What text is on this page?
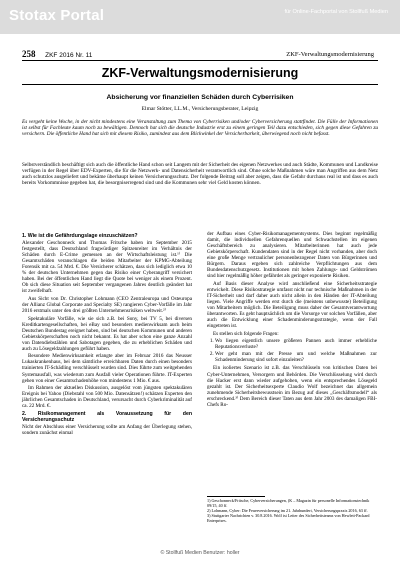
Stotax Portal	für Online-Fachportal von Stollfuß Medien
258 ZKF 2016 Nr. 11	ZKF-Verwaltungsmodernisierung
ZKF-Verwaltungsmodernisierung
Absicherung vor finanziellen Schäden durch Cyberrisiken
Elmar Stötter, LL.M., Versicherungsberater, Leipzig

Es vergeht keine Woche, in der nicht mindestens eine Veranstaltung zum Thema von Cyberrisiken und/oder Cyberversicherung stattfindet. Die Fülle der Informationen ist selbst für Fachleute kaum noch zu bewältigen. Dennoch hat sich die deutsche Industrie erst zu einem geringen Teil dazu entschieden, sich gegen diese Gefahren zu versichern. Die öffentliche Hand hat sich mit diesem Risiko, zumindest aus dem Blickwinkel der Versicherbarkeit, überwiegend noch nicht befasst.

Selbstverständlich beschäftigt sich auch die öffentliche Hand schon seit Langem mit der Sicherheit des eigenen Netzwerkes und auch Städte, Kommunen und Landkreise verfügen in der Regel über EDV-Experten, die für die Netzwerk- und Datensicherheit verantwortlich sind. Ohne solche Maßnahmen wäre man Angriffen aus dem Netz auch schutzlos ausgeliefert und bekäme überhaupt keinen Versicherungsschutz. Der folgende Beitrag soll aber zeigen, dass die Gefahr durchaus real ist und dass es auch bereits Vorkommnisse gegeben hat, die besorgniserregend sind und die Kommunen sehr viel Geld kosten können.

1. Wie ist die Gefährdungslage einzuschätzen?

Alexander Geschonneck und Thomas Fritsche haben im September 2015 festgestellt, dass Deutschland fragwürdiger Spitzenreiter im Verhältnis der Schäden durch E-Crime gemessen an der Wirtschaftsleistung ist.¹⁾ Die Gesamtschäden veranschlagen die beiden Mitarbeiter der KPMG-Abteilung Forensik mit ca. 54 Mrd. €. Die Versicherer schätzen, dass sich lediglich etwa 10 % der deutschen Unternehmen gegen das Risiko einer Cyberangriff versichert haben. Bei der öffentlichen Hand liegt die Quote bei weniger als einem Prozent. Ob sich diese Situation seit September vergangenen Jahres deutlich geändert hat ist zweifelhaft.

Aus Sicht von Dr. Christopher Lohmann (CEO Zentraleuropa und Osteuropa der Allianz Global Corporate and Specialty SE) rangieren Cyber-Vorfälle im Jahr 2016 erstmals unter den drei größten Unternehmensrisiken weltweit.²⁾

Spektakuläre Vorfälle, wie sie sich z.B. bei Sony, bei TV 5, bei diversen Kreditkartengesellschaften, bei eBay und besonders medienwirksam auch beim Deutschen Bundestag ereignet haben, sind bei deutschen Kommunen und anderen Gebietskörperschaften noch nicht bekannt. Es hat aber schon eine ganze Anzahl von Datendiebstählen und Sabotagen gegeben, die zu erheblichen Schäden und auch zu Lösegeldzahlungen geführt haben.

Besondere Medienwirksamkeit erlangte aber im Februar 2016 das Neusser Lukaskrankenhaus, bei dem sämtliche erreichbaren Daten durch einen besonders trainierten IT-Schädling verschlüsselt wurden sind. Dies führte zum weitgehenden Systemausfall, was wiederum zum Ausfall vieler Operationen führte. IT-Experten gehen von einer Gesamtschadenhöhe von mindestens 1 Mio. € aus.

Im Rahmen der aktuellen Diskussion, ausgelöst vom jüngsten spektakulären Ereignis bei Yahoo (Diebstahl von 500 Mio. Datensätzen!) schätzen Experten den jährlichen Gesamtschaden in Deutschland, verursacht durch Cyberkriminalität auf ca. 22 Mrd. €.

2. Risikomanagement als Voraussetzung für den Versicherungsschutz

Nicht der Abschluss einer Versicherung sollte am Anfang der Überlegung stehen, sondern zunächst einmal

der Aufbau eines Cyber-Risikomanagementsystems. Dies beginnt regelmäßig damit, die individuellen Gefahrenquellen und Schwachstellen im eigenen Geschäftsbereich zu analysieren. Mitarbeiterinnen hat auch jede Gebietskörperschaft. Kundendaten sind in der Regel nicht vorhanden, aber doch eine große Menge vertraulicher personenbezogener Daten von Bürgerinnen und Bürgern. Daraus ergeben sich zahlreiche Verpflichtungen aus dem Bundesdatenschutzgesetz. Institutionen mit hohen Zahlungs- und Geldströmen sind hier regelmäßig höher gefährdet als geringer exponierte Risiken.

Auf Basis dieser Analyse wird anschließend eine Sicherheitsstrategie entwickelt. Diese Risikostrategie umfasst nicht nur technische Maßnahmen in der IT-Sicherheit und darf daher auch nicht allein in den Händen der IT-Abteilung liegen. Viele Angriffe werden erst durch die (meistens unbewusste) Beteiligung von Mitarbeitern möglich. Die Beteiligung muss daher der Gesamtverantwortung überantworten. Es geht hauptsächlich um die Vorsorge vor solchen Vorfällen, aber auch die Entwicklung einer Schadenminderungsstrategie, wenn der Fall eingetreten ist.

Es stellen sich folgende Fragen:

1. Wo liegen eigentlich unsere größeren Pannen auch immer erhebliche Reputationsverluste?
2. Wer geht man mit der Presse um und welche Maßnahmen zur Schadenminderung sind sofort einzuleiten?

Ein isoliertes Szenario ist z.B. das Verschlüsseln von kritischen Daten bei Cyber-Unternehmen, Versorgern und Behörden. Die Verschlüsselung wird durch die Hacker erst dann wieder aufgehoben, wenn ein entsprechendes Lösegeld gezahlt ist. Der Sicherheitsexperte Claudio Wolf bezeichnet das allgemein zunehmende Sicherheitsbewusstsein im Bezug auf dieses „Geschäftsmodell“ als erschreckend.³⁾ Dem Bereich dieser Taten aus dem Jahr 2003 des damaligen FBI-Chefs Ro-

1) Geschonneck/Fritsche, Cyberversicherungen, (K – Magazin für personelle Informationstechnik 09/15, 40 ff.
2) Lohmann, Cyber: Die Feuerversicherung im 21. Jahrhundert, Versicherungspraxis 2016, 63 ff.
3) Stuttgarter Nachrichten v. 30.8.2016. Wolf ist Leiter des Sicherheitsteams von Hewlett-Packard Enterprises.
© Stollfuß Medien Benutzer: holler
